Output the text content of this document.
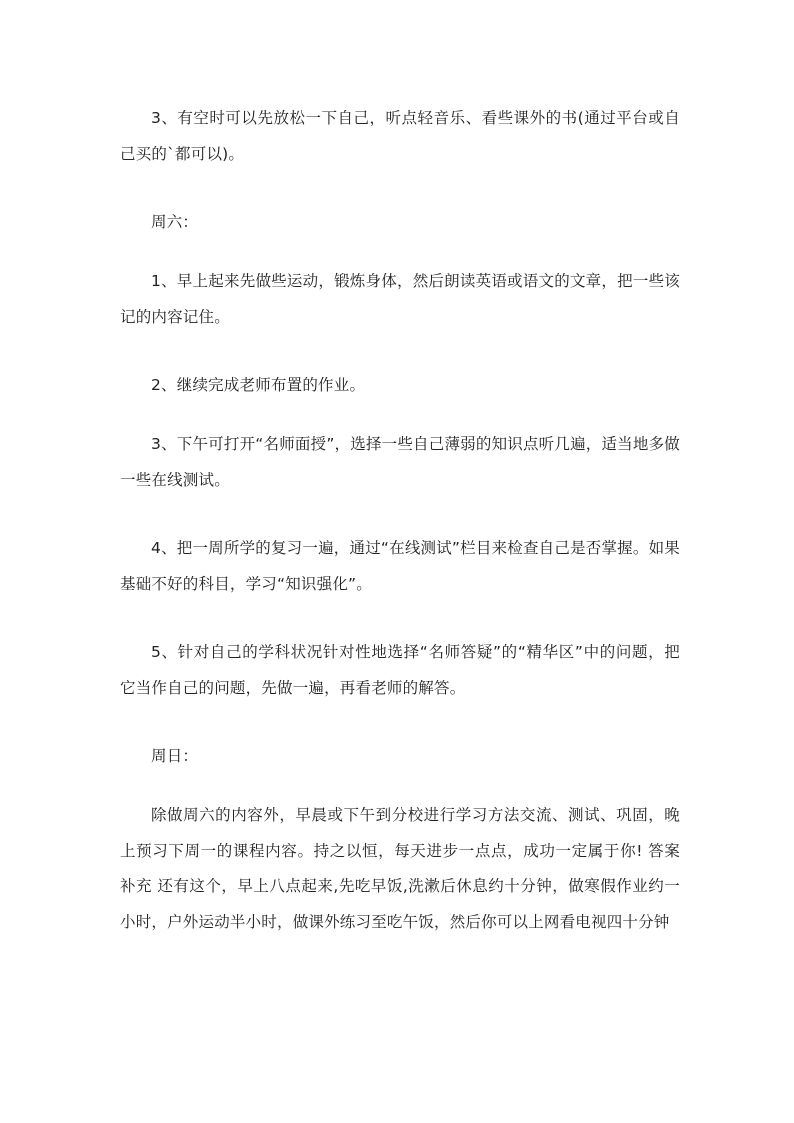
3、有空时可以先放松一下自己，听点轻音乐、看些课外的书(通过平台或自己买的`都可以)。

周六：

1、早上起来先做些运动，锻炼身体，然后朗读英语或语文的文章，把一些该记的内容记住。

2、继续完成老师布置的作业。

3、下午可打开“名师面授”，选择一些自己薄弱的知识点听几遍，适当地多做一些在线测试。

4、把一周所学的复习一遍，通过“在线测试”栏目来检查自己是否掌握。如果基础不好的科目，学习“知识强化”。

5、针对自己的学科状况针对性地选择“名师答疑”的“精华区”中的问题，把它当作自己的问题，先做一遍，再看老师的解答。

周日：

除做周六的内容外，早晨或下午到分校进行学习方法交流、测试、巩固，晚上预习下周一的课程内容。持之以恒，每天进步一点点，成功一定属于你! 答案补充 还有这个，早上八点起来,先吃早饭,洗漱后休息约十分钟，做寒假作业约一小时，户外运动半小时，做课外练习至吃午饭，然后你可以上网看电视四十分钟
